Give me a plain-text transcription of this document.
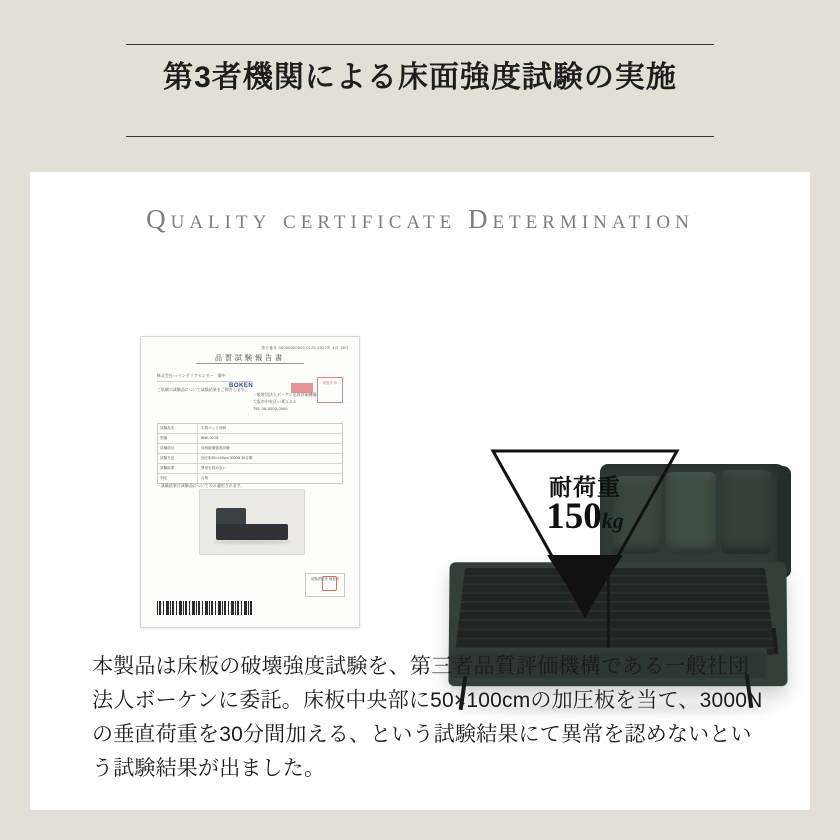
第3者機関による床面強度試験の実施
Quality certificate Determination
品質試験報告書
発行番号 00000000000 0123 2022年 4月 18日
株式会社○○インテリアセンター　御中
ご依頼の試験品について試験結果をご報告します。
BOKEN
一般財団法人ボーケン品質評価機構
大阪市中央区○○町1-2-3
TEL 06-0000-0000
検査済 印
試験品名	木製ベッド床板
型番	BNK-00-01
試験項目	床板破壊強度試験
試験方法	加圧板50×100cm 3000N 30分間
試験結果	異常を認めない
判定	合格
・試験結果は試験品についてのみ適用されます。
試験責任者 検査印
耐荷重
150kg

本製品は床板の破壊強度試験を、第三者品質評価機構である一般社団法人ボーケンに委託。床板中央部に50×100cmの加圧板を当て、3000Nの垂直荷重を30分間加える、という試験結果にて異常を認めないという試験結果が出ました。
